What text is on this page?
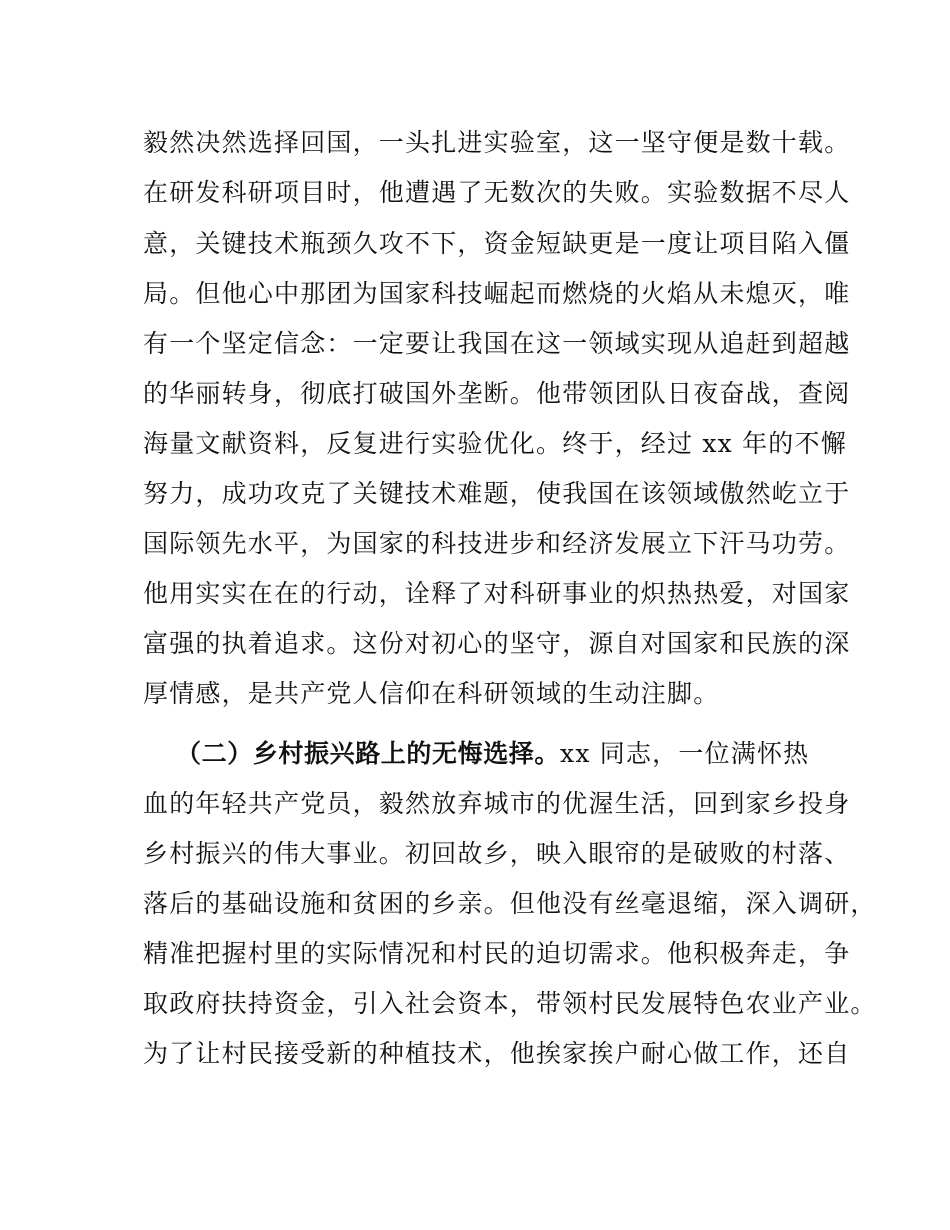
毅然决然选择回国，一头扎进实验室，这一坚守便是数十载。
在研发科研项目时，他遭遇了无数次的失败。实验数据不尽人
意，关键技术瓶颈久攻不下，资金短缺更是一度让项目陷入僵
局。但他心中那团为国家科技崛起而燃烧的火焰从未熄灭，唯
有一个坚定信念：一定要让我国在这一领域实现从追赶到超越
的华丽转身，彻底打破国外垄断。他带领团队日夜奋战，查阅
海量文献资料，反复进行实验优化。终于，经过 xx 年的不懈
努力，成功攻克了关键技术难题，使我国在该领域傲然屹立于
国际领先水平，为国家的科技进步和经济发展立下汗马功劳。
他用实实在在的行动，诠释了对科研事业的炽热热爱，对国家
富强的执着追求。这份对初心的坚守，源自对国家和民族的深
厚情感，是共产党人信仰在科研领域的生动注脚。
（二）乡村振兴路上的无悔选择。xx 同志，一位满怀热
血的年轻共产党员，毅然放弃城市的优渥生活，回到家乡投身
乡村振兴的伟大事业。初回故乡，映入眼帘的是破败的村落、
落后的基础设施和贫困的乡亲。但他没有丝毫退缩，深入调研，
精准把握村里的实际情况和村民的迫切需求。他积极奔走，争
取政府扶持资金，引入社会资本，带领村民发展特色农业产业。
为了让村民接受新的种植技术，他挨家挨户耐心做工作，还自
